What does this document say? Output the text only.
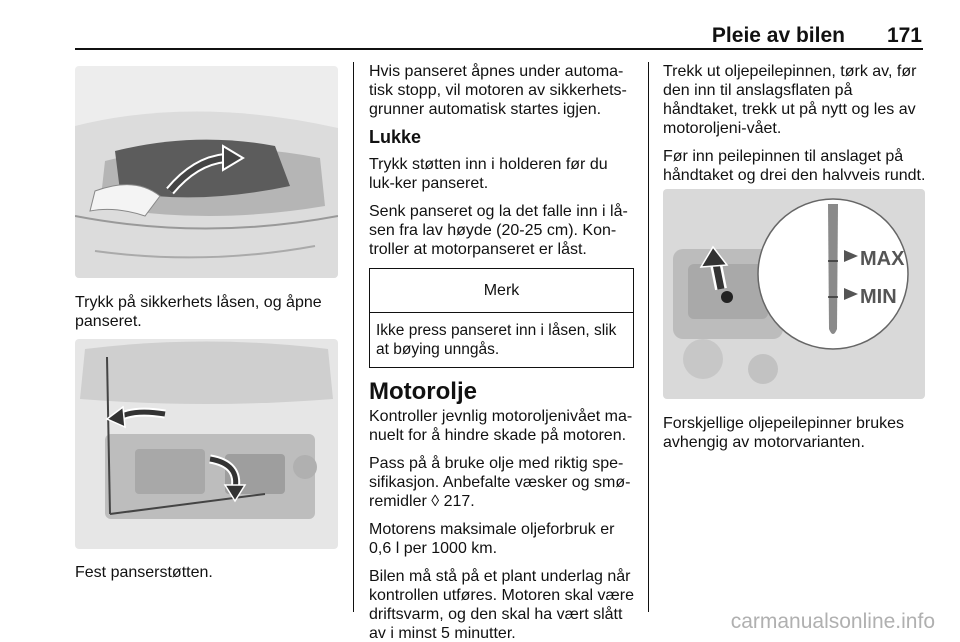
Pleie av bilen 171

Trykk på sikkerhets låsen, og åpne panseret.

Fest panserstøtten.

Hvis panseret åpnes under automa-tisk stopp, vil motoren av sikkerhets-grunner automatisk startes igjen.

Lukke

Trykk støtten inn i holderen før du luk-ker panseret.

Senk panseret og la det falle inn i lå-sen fra lav høyde (20-25 cm). Kon-troller at motorpanseret er låst.

Merk
Ikke press panseret inn i låsen, slik at bøying unngås.
Motorolje

Kontroller jevnlig motoroljenivået ma-nuelt for å hindre skade på motoren.

Pass på å bruke olje med riktig spe-sifikasjon. Anbefalte væsker og smø-remidler ◊ 217.

Motorens maksimale oljeforbruk er 0,6 l per 1000 km.

Bilen må stå på et plant underlag når kontrollen utføres. Motoren skal være driftsvarm, og den skal ha vært slått av i minst 5 minutter.

Trekk ut oljepeilepinnen, tørk av, før den inn til anslagsflaten på håndtaket, trekk ut på nytt og les av motoroljeni-vået.

Før inn peilepinnen til anslaget på håndtaket og drei den halvveis rundt.

MAX
MIN

Forskjellige oljepeilepinner brukes avhengig av motorvarianten.

carmanualsonline.info
